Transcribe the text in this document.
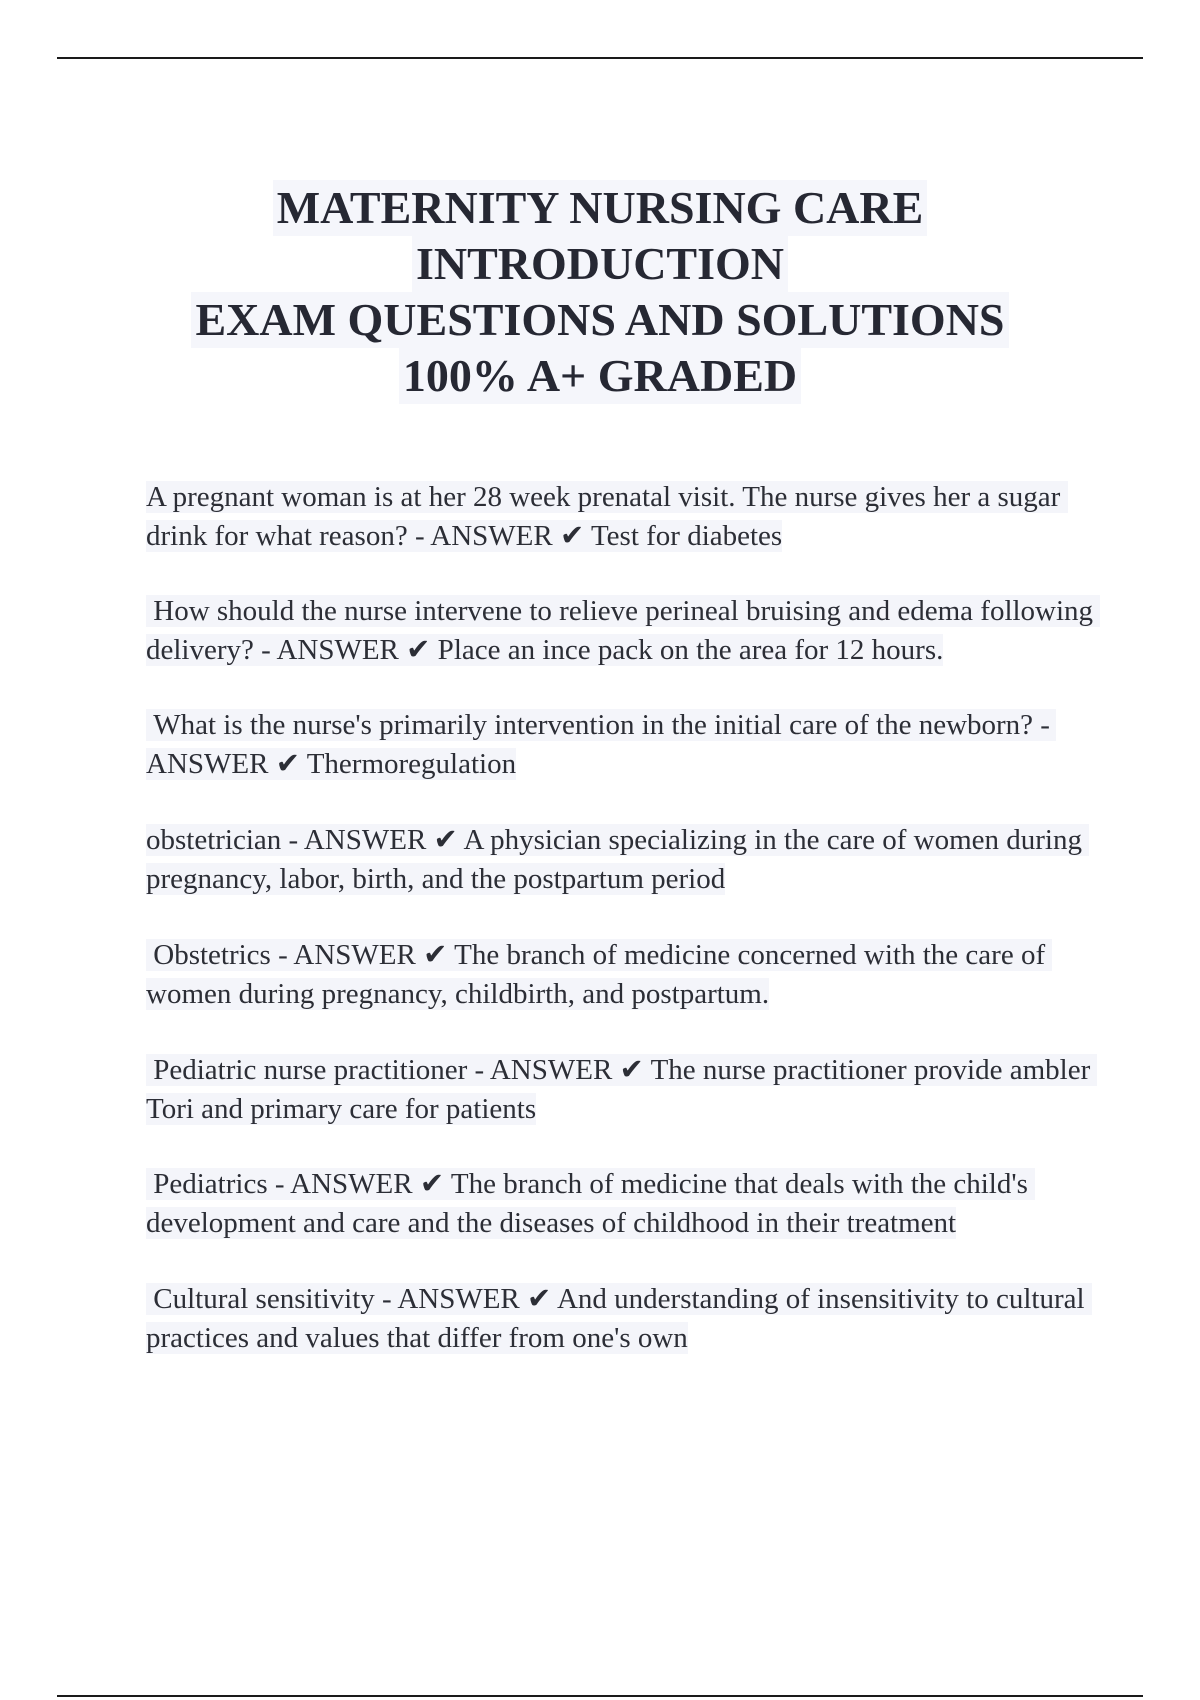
MATERNITY NURSING CARE
INTRODUCTION
EXAM QUESTIONS AND SOLUTIONS
100% A+ GRADED
A pregnant woman is at her 28 week prenatal visit. The nurse gives her a sugar drink for what reason? - ANSWER ✔ Test for diabetes
How should the nurse intervene to relieve perineal bruising and edema following delivery? - ANSWER ✔ Place an ince pack on the area for 12 hours.
What is the nurse's primarily intervention in the initial care of the newborn? - ANSWER ✔ Thermoregulation
obstetrician - ANSWER ✔ A physician specializing in the care of women during pregnancy, labor, birth, and the postpartum period
Obstetrics - ANSWER ✔ The branch of medicine concerned with the care of women during pregnancy, childbirth, and postpartum.
Pediatric nurse practitioner - ANSWER ✔ The nurse practitioner provide ambler Tori and primary care for patients
Pediatrics - ANSWER ✔ The branch of medicine that deals with the child's development and care and the diseases of childhood in their treatment
Cultural sensitivity - ANSWER ✔ And understanding of insensitivity to cultural practices and values that differ from one's own
